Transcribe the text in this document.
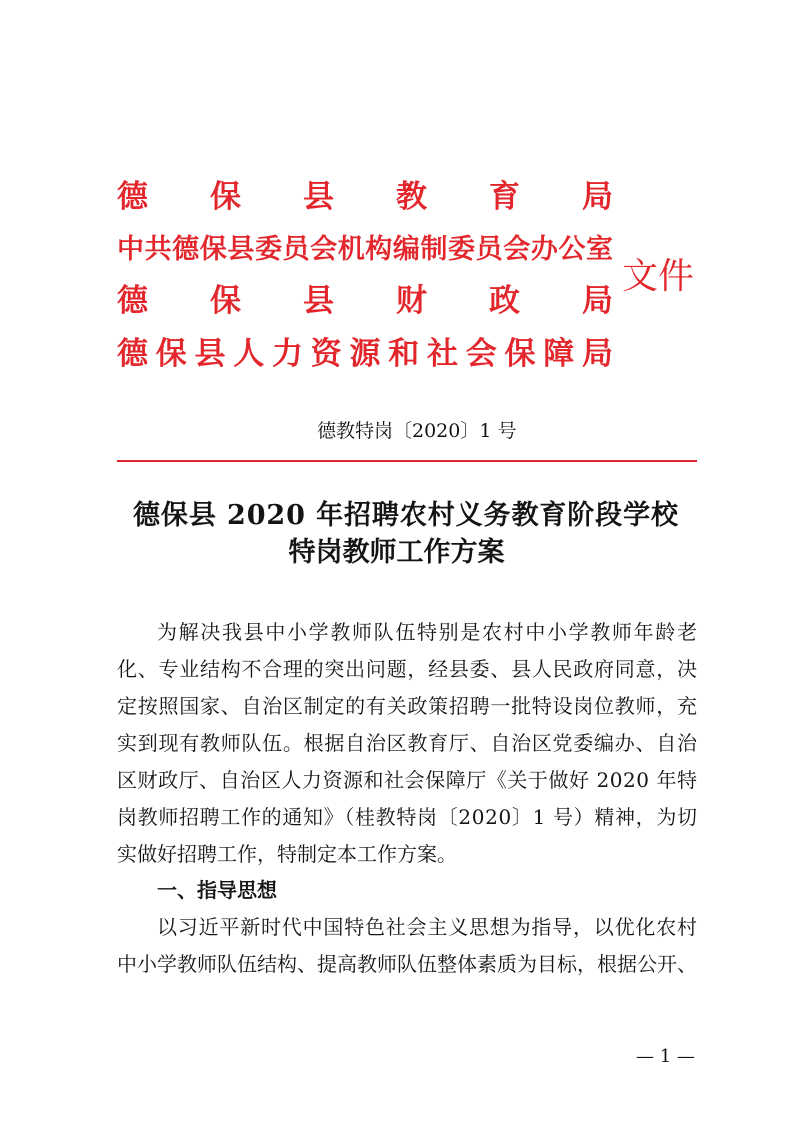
德保县教育局
中共德保县委员会机构编制委员会办公室
德保县财政局
德保县人力资源和社会保障局
文件
德教特岗〔2020〕1 号
德保县 2020 年招聘农村义务教育阶段学校
特岗教师工作方案
为解决我县中小学教师队伍特别是农村中小学教师年龄老
化、专业结构不合理的突出问题，经县委、县人民政府同意，决
定按照国家、自治区制定的有关政策招聘一批特设岗位教师，充
实到现有教师队伍。根据自治区教育厅、自治区党委编办、自治
区财政厅、自治区人力资源和社会保障厅《关于做好 2020 年特
岗教师招聘工作的通知》（桂教特岗〔2020〕1 号）精神，为切
实做好招聘工作，特制定本工作方案。
一、指导思想
以习近平新时代中国特色社会主义思想为指导，以优化农村
中小学教师队伍结构、提高教师队伍整体素质为目标，根据公开、
— 1 —
